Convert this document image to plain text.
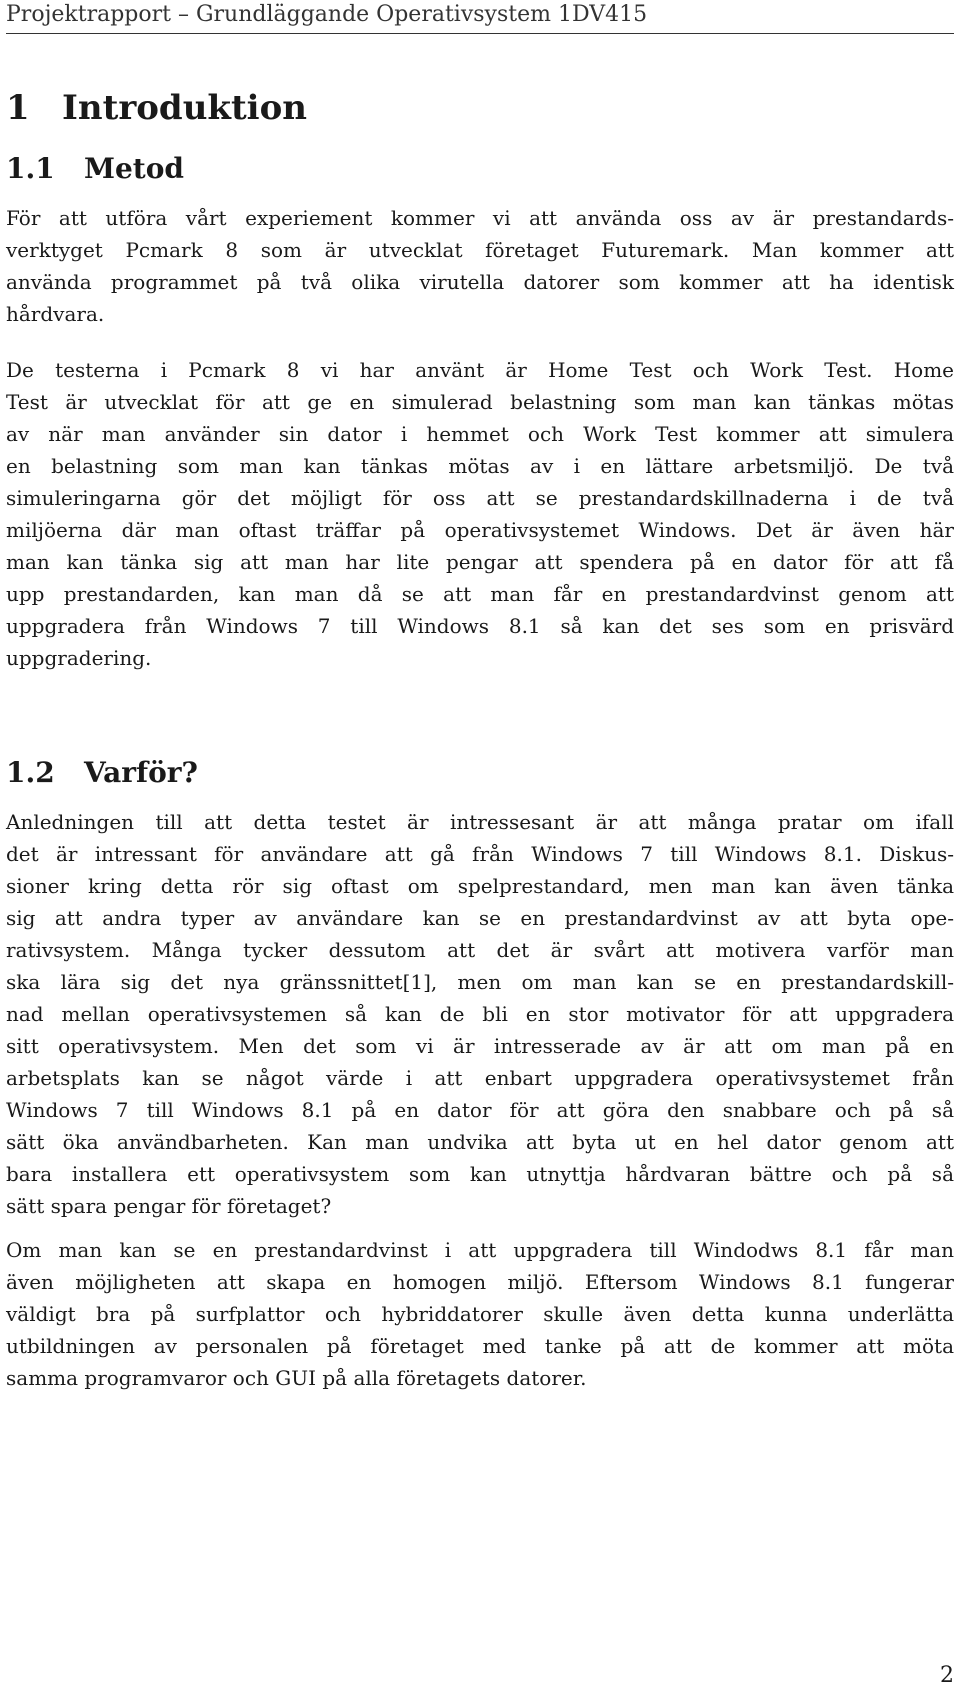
Projektrapport – Grundläggande Operativsystem 1DV415
1 Introduktion
1.1 Metod
För att utföra vårt experiement kommer vi att använda oss av är prestandards-
verktyget Pcmark 8 som är utvecklat företaget Futuremark. Man kommer att
använda programmet på två olika virutella datorer som kommer att ha identisk
hårdvara.
De testerna i Pcmark 8 vi har använt är Home Test och Work Test. Home
Test är utvecklat för att ge en simulerad belastning som man kan tänkas mötas
av när man använder sin dator i hemmet och Work Test kommer att simulera
en belastning som man kan tänkas mötas av i en lättare arbetsmiljö. De två
simuleringarna gör det möjligt för oss att se prestandardskillnaderna i de två
miljöerna där man oftast träffar på operativsystemet Windows. Det är även här
man kan tänka sig att man har lite pengar att spendera på en dator för att få
upp prestandarden, kan man då se att man får en prestandardvinst genom att
uppgradera från Windows 7 till Windows 8.1 så kan det ses som en prisvärd
uppgradering.
1.2 Varför?
Anledningen till att detta testet är intressesant är att många pratar om ifall
det är intressant för användare att gå från Windows 7 till Windows 8.1. Diskus-
sioner kring detta rör sig oftast om spelprestandard, men man kan även tänka
sig att andra typer av användare kan se en prestandardvinst av att byta ope-
rativsystem. Många tycker dessutom att det är svårt att motivera varför man
ska lära sig det nya gränssnittet[1], men om man kan se en prestandardskill-
nad mellan operativsystemen så kan de bli en stor motivator för att uppgradera
sitt operativsystem. Men det som vi är intresserade av är att om man på en
arbetsplats kan se något värde i att enbart uppgradera operativsystemet från
Windows 7 till Windows 8.1 på en dator för att göra den snabbare och på så
sätt öka användbarheten. Kan man undvika att byta ut en hel dator genom att
bara installera ett operativsystem som kan utnyttja hårdvaran bättre och på så
sätt spara pengar för företaget?
Om man kan se en prestandardvinst i att uppgradera till Windodws 8.1 får man
även möjligheten att skapa en homogen miljö. Eftersom Windows 8.1 fungerar
väldigt bra på surfplattor och hybriddatorer skulle även detta kunna underlätta
utbildningen av personalen på företaget med tanke på att de kommer att möta
samma programvaror och GUI på alla företagets datorer.
2
